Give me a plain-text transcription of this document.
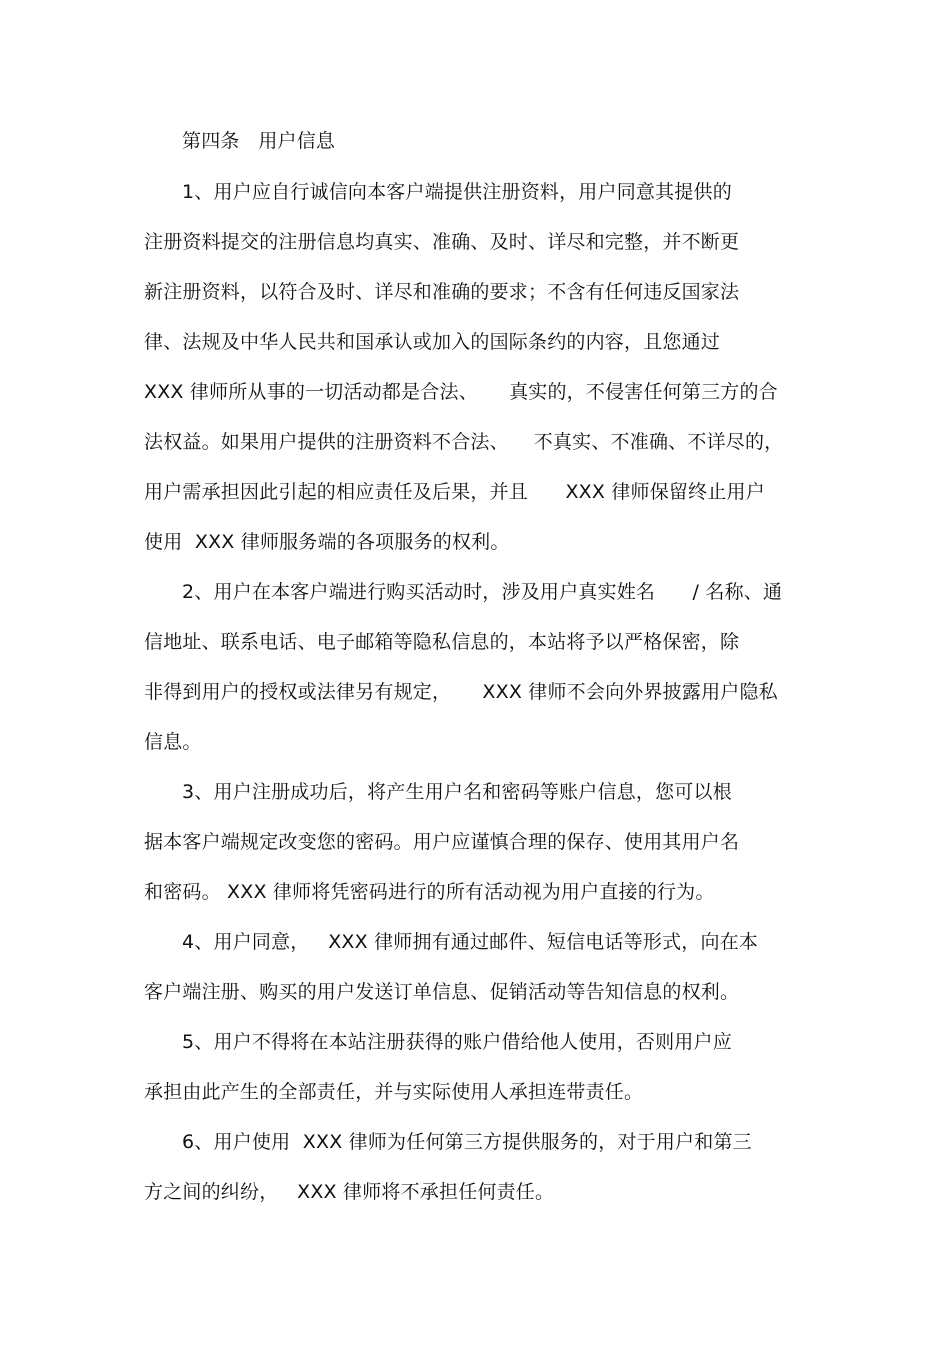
第四条   用户信息
1、用户应自行诚信向本客户端提供注册资料，用户同意其提供的
注册资料提交的注册信息均真实、准确、及时、详尽和完整，并不断更
新注册资料，以符合及时、详尽和准确的要求；不含有任何违反国家法
律、法规及中华人民共和国承认或加入的国际条约的内容，且您通过
XXX 律师所从事的一切活动都是合法、     真实的，不侵害任何第三方的合
法权益。如果用户提供的注册资料不合法、    不真实、不准确、不详尽的，
用户需承担因此引起的相应责任及后果，并且      XXX 律师保留终止用户
使用  XXX 律师服务端的各项服务的权利。
2、用户在本客户端进行购买活动时，涉及用户真实姓名      / 名称、通
信地址、联系电话、电子邮箱等隐私信息的，本站将予以严格保密，除
非得到用户的授权或法律另有规定，     XXX 律师不会向外界披露用户隐私
信息。
3、用户注册成功后，将产生用户名和密码等账户信息，您可以根
据本客户端规定改变您的密码。用户应谨慎合理的保存、使用其用户名
和密码。 XXX 律师将凭密码进行的所有活动视为用户直接的行为。
4、用户同意，   XXX 律师拥有通过邮件、短信电话等形式，向在本
客户端注册、购买的用户发送订单信息、促销活动等告知信息的权利。
5、用户不得将在本站注册获得的账户借给他人使用，否则用户应
承担由此产生的全部责任，并与实际使用人承担连带责任。
6、用户使用  XXX 律师为任何第三方提供服务的，对于用户和第三
方之间的纠纷，   XXX 律师将不承担任何责任。
